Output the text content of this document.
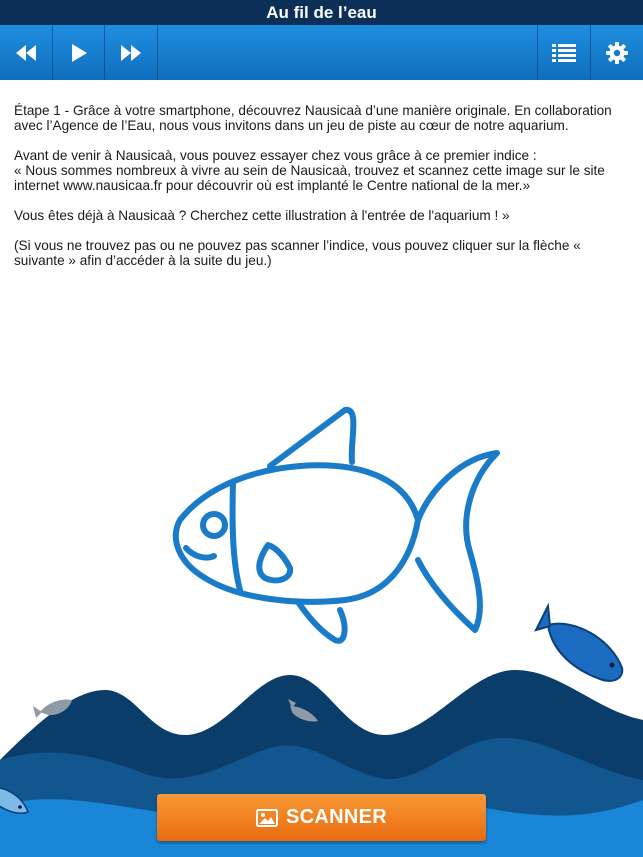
Au fil de l’eau

Étape 1 - Grâce à votre smartphone, découvrez Nausicaà d’une manière originale. En collaboration avec l’Agence de l’Eau, nous vous invitons dans un jeu de piste au cœur de notre aquarium.

Avant de venir à Nausicaà, vous pouvez essayer chez vous grâce à ce premier indice :
« Nous sommes nombreux à vivre au sein de Nausicaà, trouvez et scannez cette image sur le site internet www.nausicaa.fr pour découvrir où est implanté le Centre national de la mer.»

Vous êtes déjà à Nausicaà ? Cherchez cette illustration à l'entrée de l'aquarium ! »

(Si vous ne trouvez pas ou ne pouvez pas scanner l’indice, vous pouvez cliquer sur la flèche « suivante » afin d’accéder à la suite du jeu.)

SCANNER
